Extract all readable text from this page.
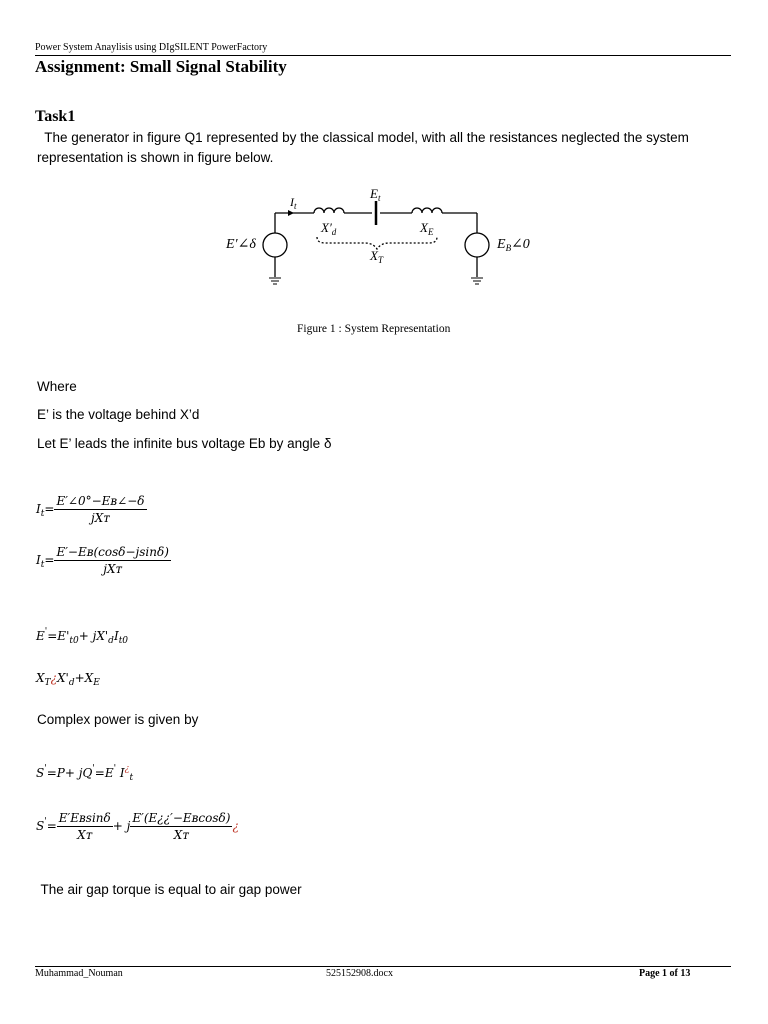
Power System Anaylisis using DIgSILENT PowerFactory
Assignment: Small Signal Stability
Task1
The generator in figure Q1 represented by the classical model, with all the resistances neglected the system
representation is shown in figure below.
E′∠δ
$I_t$
$E_t$
$X'_d$	$X_E$
$X_T$
$E_B\angle 0$
Figure 1 : System Representation
Where
E’ is the voltage behind X’d
Let E’ leads the infinite bus voltage Eb by angle δ
$I_t= \frac{\text{E′∠0°−Eʙ∠−δ}}{\text{jXᴛ}}$
$I_t= \frac{\text{E′−Eʙ(cosδ−jsinδ)}}{\text{jXᴛ}}$
$E'=E'_{t0}+ jX'_dI_{t0}$
$X_T¿X'_d+X_E$
Complex power is given by
S'=P+ jQ'=E' $I^¿_t$
$S'= \frac{\text{E′Eʙsinδ}}{\text{Xᴛ}} + j \frac{\text{E′(E¿¿′−Eʙcosδ)}}{\text{Xᴛ}}$ ¿
The air gap torque is equal to air gap power
Muhammad_Nouman	525152908.docx	Page 1 of 13
